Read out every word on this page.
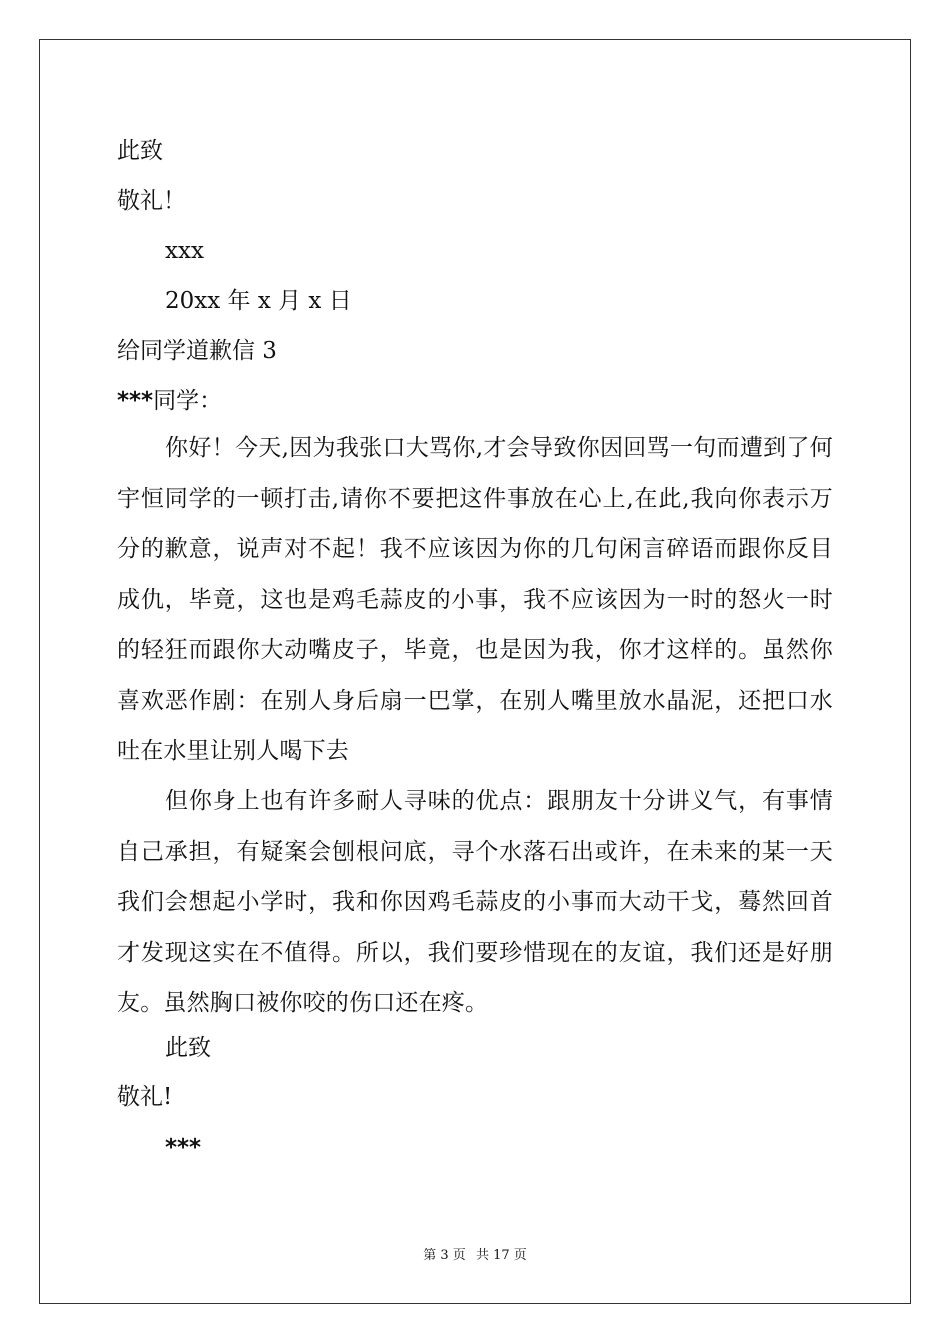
此致
敬礼！
xxx
20xx 年 x 月 x 日
给同学道歉信 3
***同学：

你好！今天,因为我张口大骂你,才会导致你因回骂一句而遭到了何宇恒同学的一顿打击,请你不要把这件事放在心上,在此,我向你表示万分的歉意，说声对不起！我不应该因为你的几句闲言碎语而跟你反目成仇，毕竟，这也是鸡毛蒜皮的小事，我不应该因为一时的怒火一时的轻狂而跟你大动嘴皮子，毕竟，也是因为我，你才这样的。虽然你喜欢恶作剧：在别人身后扇一巴掌，在别人嘴里放水晶泥，还把口水吐在水里让别人喝下去

但你身上也有许多耐人寻味的优点：跟朋友十分讲义气，有事情自己承担，有疑案会刨根问底，寻个水落石出或许，在未来的某一天我们会想起小学时，我和你因鸡毛蒜皮的小事而大动干戈，蓦然回首才发现这实在不值得。所以，我们要珍惜现在的友谊，我们还是好朋友。虽然胸口被你咬的伤口还在疼。

此致
敬礼!
***
第 3 页 共 17 页
